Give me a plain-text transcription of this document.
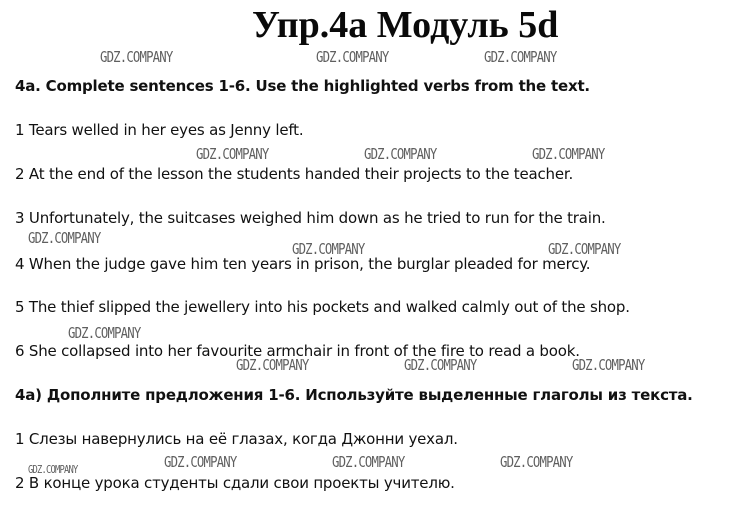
Упр.4а Модуль 5d
4a. Complete sentences 1-6. Use the highlighted verbs from the text.
1 Tears welled in her eyes as Jenny left.
2 At the end of the lesson the students handed their projects to the teacher.
3 Unfortunately, the suitcases weighed him down as he tried to run for the train.
4 When the judge gave him ten years in prison, the burglar pleaded for mercy.
5 The thief slipped the jewellery into his pockets and walked calmly out of the shop.
6 She collapsed into her favourite armchair in front of the fire to read a book.
4а) Дополните предложения 1-6. Используйте выделенные глаголы из текста.
1 Слезы навернулись на её глазах, когда Джонни уехал.
2 В конце урока студенты сдали свои проекты учителю.
GDZ.COMPANY	GDZ.COMPANY	GDZ.COMPANY
GDZ.COMPANY	GDZ.COMPANY	GDZ.COMPANY
GDZ.COMPANY
GDZ.COMPANY	GDZ.COMPANY
GDZ.COMPANY
GDZ.COMPANY	GDZ.COMPANY	GDZ.COMPANY
GDZ.COMPANY	GDZ.COMPANY	GDZ.COMPANY
GDZ.COMPANY
